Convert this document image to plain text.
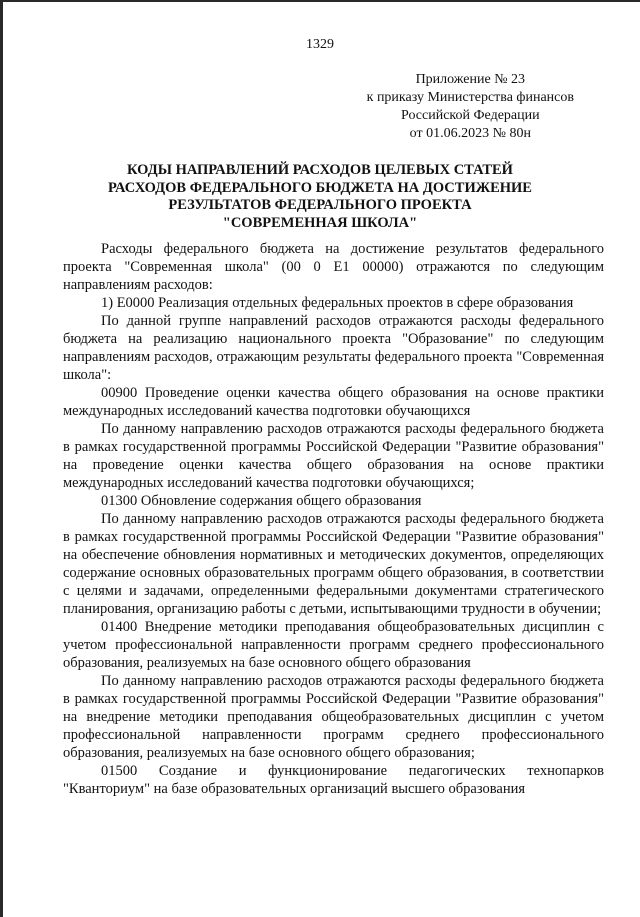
1329
Приложение № 23
к приказу Министерства финансов
Российской Федерации
от 01.06.2023 № 80н
КОДЫ НАПРАВЛЕНИЙ РАСХОДОВ ЦЕЛЕВЫХ СТАТЕЙ
РАСХОДОВ ФЕДЕРАЛЬНОГО БЮДЖЕТА НА ДОСТИЖЕНИЕ
РЕЗУЛЬТАТОВ ФЕДЕРАЛЬНОГО ПРОЕКТА
"СОВРЕМЕННАЯ ШКОЛА"

Расходы федерального бюджета на достижение результатов федерального проекта "Современная школа" (00 0 Е1 00000) отражаются по следующим направлениям расходов:

1) Е0000 Реализация отдельных федеральных проектов в сфере образования

По данной группе направлений расходов отражаются расходы федерального бюджета на реализацию национального проекта "Образование" по следующим направлениям расходов, отражающим результаты федерального проекта "Современная школа":

00900 Проведение оценки качества общего образования на основе практики международных исследований качества подготовки обучающихся

По данному направлению расходов отражаются расходы федерального бюджета в рамках государственной программы Российской Федерации "Развитие образования" на проведение оценки качества общего образования на основе практики международных исследований качества подготовки обучающихся;

01300 Обновление содержания общего образования

По данному направлению расходов отражаются расходы федерального бюджета в рамках государственной программы Российской Федерации "Развитие образования" на обеспечение обновления нормативных и методических документов, определяющих содержание основных образовательных программ общего образования, в соответствии с целями и задачами, определенными федеральными документами стратегического планирования, организацию работы с детьми, испытывающими трудности в обучении;

01400 Внедрение методики преподавания общеобразовательных дисциплин с учетом профессиональной направленности программ среднего профессионального образования, реализуемых на базе основного общего образования

По данному направлению расходов отражаются расходы федерального бюджета в рамках государственной программы Российской Федерации "Развитие образования" на внедрение методики преподавания общеобразовательных дисциплин с учетом профессиональной направленности программ среднего профессионального образования, реализуемых на базе основного общего образования;

01500 Создание и функционирование педагогических технопарков "Кванториум" на базе образовательных организаций высшего образования
